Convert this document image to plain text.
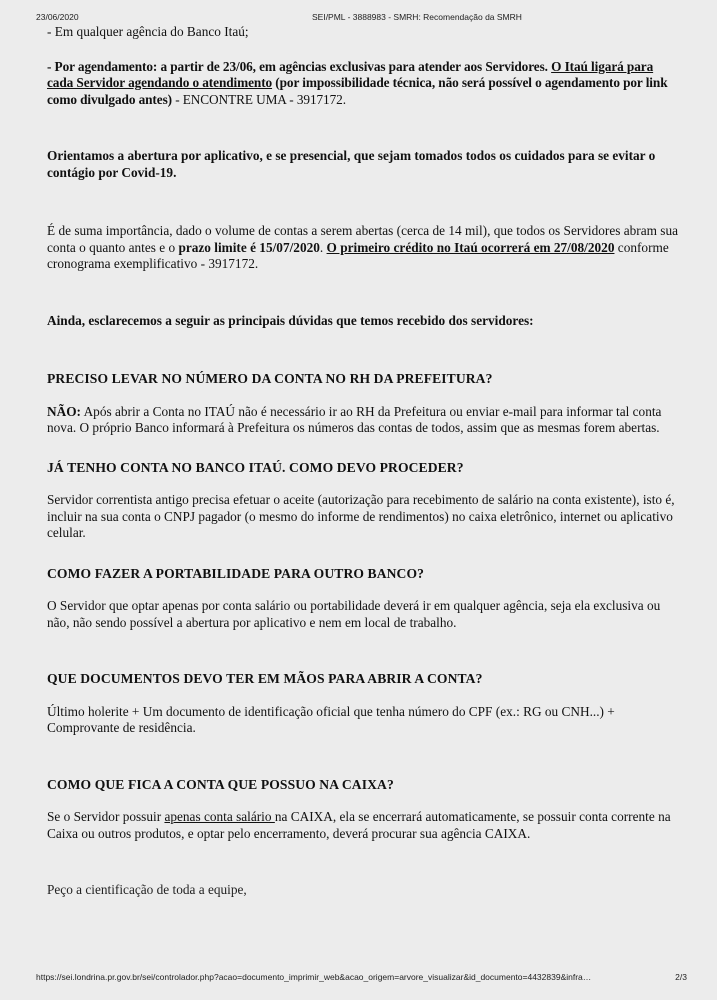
23/06/2020	SEI/PML - 3888983 - SMRH: Recomendação da SMRH

- Em qualquer agência do Banco Itaú;

- Por agendamento: a partir de 23/06, em agências exclusivas para atender aos Servidores. O Itaú ligará para cada Servidor agendando o atendimento (por impossibilidade técnica, não será possível o agendamento por link como divulgado antes) - ENCONTRE UMA - 3917172.

Orientamos a abertura por aplicativo, e se presencial, que sejam tomados todos os cuidados para se evitar o contágio por Covid-19.

É de suma importância, dado o volume de contas a serem abertas (cerca de 14 mil), que todos os Servidores abram sua conta o quanto antes e o prazo limite é 15/07/2020. O primeiro crédito no Itaú ocorrerá em 27/08/2020 conforme cronograma exemplificativo - 3917172.

Ainda, esclarecemos a seguir as principais dúvidas que temos recebido dos servidores:

PRECISO LEVAR NO NÚMERO DA CONTA NO RH DA PREFEITURA?

NÃO: Após abrir a Conta no ITAÚ não é necessário ir ao RH da Prefeitura ou enviar e-mail para informar tal conta nova. O próprio Banco informará à Prefeitura os números das contas de todos, assim que as mesmas forem abertas.

JÁ TENHO CONTA NO BANCO ITAÚ. COMO DEVO PROCEDER?

Servidor correntista antigo precisa efetuar o aceite (autorização para recebimento de salário na conta existente), isto é, incluir na sua conta o CNPJ pagador (o mesmo do informe de rendimentos) no caixa eletrônico, internet ou aplicativo celular.

COMO FAZER A PORTABILIDADE PARA OUTRO BANCO?

O Servidor que optar apenas por conta salário ou portabilidade deverá ir em qualquer agência, seja ela exclusiva ou não, não sendo possível a abertura por aplicativo e nem em local de trabalho.

QUE DOCUMENTOS DEVO TER EM MÃOS PARA ABRIR A CONTA?

Último holerite + Um documento de identificação oficial que tenha número do CPF (ex.: RG ou CNH...) + Comprovante de residência.

COMO QUE FICA A CONTA QUE POSSUO NA CAIXA?

Se o Servidor possuir apenas conta salário na CAIXA, ela se encerrará automaticamente, se possuir conta corrente na Caixa ou outros produtos, e optar pelo encerramento, deverá procurar sua agência CAIXA.

Peço a cientificação de toda a equipe,

https://sei.londrina.pr.gov.br/sei/controlador.php?acao=documento_imprimir_web&acao_origem=arvore_visualizar&id_documento=4432839&infra…	2/3
